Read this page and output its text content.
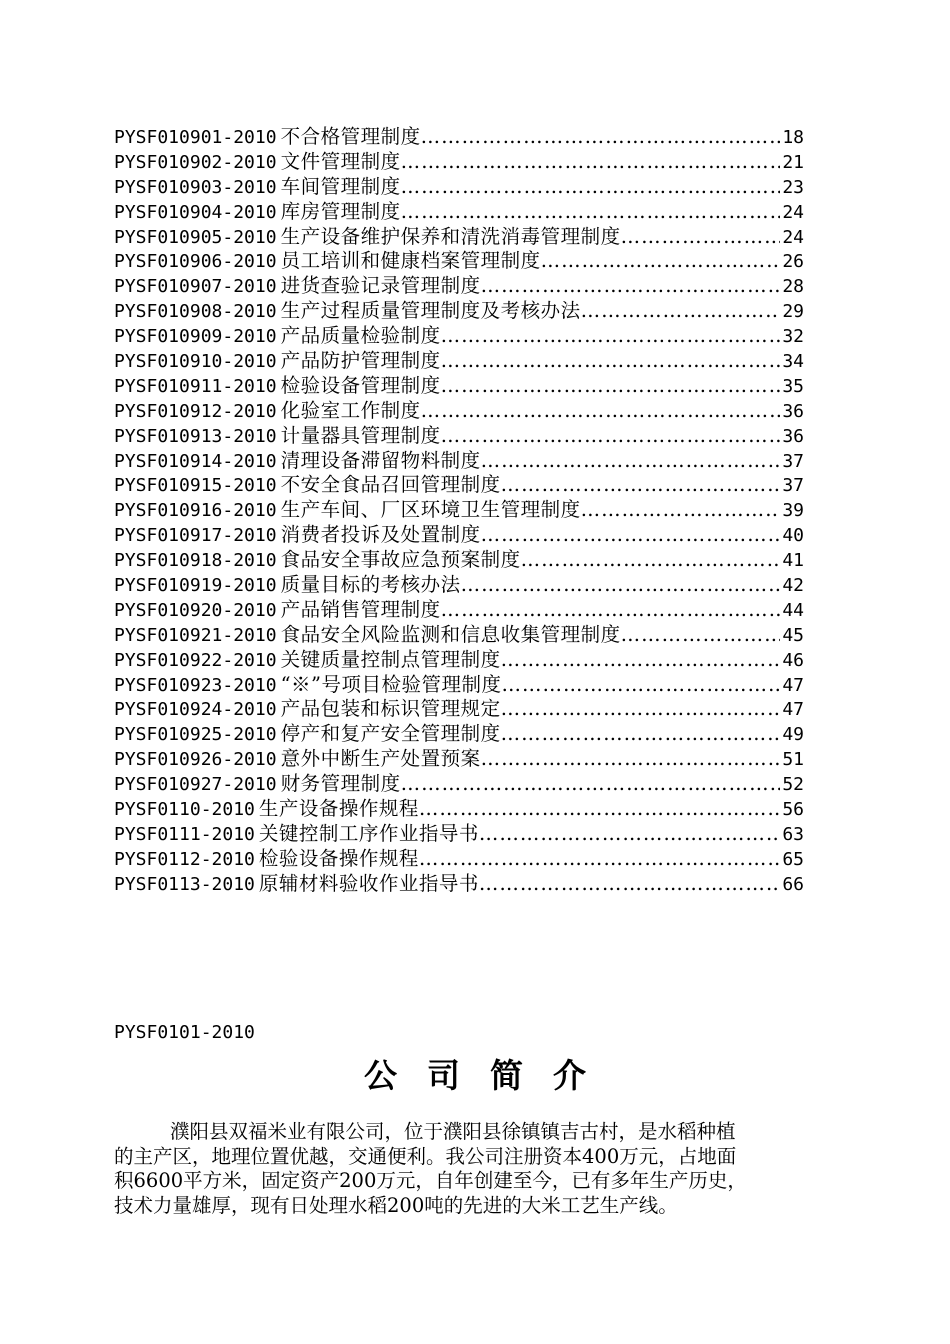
PYSF010901-2010 不合格管理制度 ……………………………………………………………………………………………………………………………………	18
PYSF010902-2010 文件管理制度 ……………………………………………………………………………………………………………………………………	21
PYSF010903-2010 车间管理制度 ……………………………………………………………………………………………………………………………………	23
PYSF010904-2010 库房管理制度 ……………………………………………………………………………………………………………………………………	24
PYSF010905-2010 生产设备维护保养和清洗消毒管理制度 ……………………………………………………………………………………………………………………………………	24
PYSF010906-2010 员工培训和健康档案管理制度 ……………………………………………………………………………………………………………………………………	26
PYSF010907-2010 进货查验记录管理制度 ……………………………………………………………………………………………………………………………………	28
PYSF010908-2010 生产过程质量管理制度及考核办法 ……………………………………………………………………………………………………………………………………	29
PYSF010909-2010 产品质量检验制度 ……………………………………………………………………………………………………………………………………	32
PYSF010910-2010 产品防护管理制度 ……………………………………………………………………………………………………………………………………	34
PYSF010911-2010 检验设备管理制度 ……………………………………………………………………………………………………………………………………	35
PYSF010912-2010 化验室工作制度 ……………………………………………………………………………………………………………………………………	36
PYSF010913-2010 计量器具管理制度 ……………………………………………………………………………………………………………………………………	36
PYSF010914-2010 清理设备滞留物料制度 ……………………………………………………………………………………………………………………………………	37
PYSF010915-2010 不安全食品召回管理制度 ……………………………………………………………………………………………………………………………………	37
PYSF010916-2010 生产车间、厂区环境卫生管理制度 ……………………………………………………………………………………………………………………………………	39
PYSF010917-2010 消费者投诉及处置制度 ……………………………………………………………………………………………………………………………………	40
PYSF010918-2010 食品安全事故应急预案制度 ……………………………………………………………………………………………………………………………………	41
PYSF010919-2010 质量目标的考核办法 ……………………………………………………………………………………………………………………………………	42
PYSF010920-2010 产品销售管理制度 ……………………………………………………………………………………………………………………………………	44
PYSF010921-2010 食品安全风险监测和信息收集管理制度 ……………………………………………………………………………………………………………………………………	45
PYSF010922-2010 关键质量控制点管理制度 ……………………………………………………………………………………………………………………………………	46
PYSF010923-2010 “※”号项目检验管理制度 ……………………………………………………………………………………………………………………………………	47
PYSF010924-2010 产品包装和标识管理规定 ……………………………………………………………………………………………………………………………………	47
PYSF010925-2010 停产和复产安全管理制度 ……………………………………………………………………………………………………………………………………	49
PYSF010926-2010 意外中断生产处置预案 ……………………………………………………………………………………………………………………………………	51
PYSF010927-2010 财务管理制度 ……………………………………………………………………………………………………………………………………	52
PYSF0110-2010 生产设备操作规程 ……………………………………………………………………………………………………………………………………	56
PYSF0111-2010 关键控制工序作业指导书 ……………………………………………………………………………………………………………………………………	63
PYSF0112-2010 检验设备操作规程 ……………………………………………………………………………………………………………………………………	65
PYSF0113-2010 原辅材料验收作业指导书 ……………………………………………………………………………………………………………………………………	66
PYSF0101-2010
公司简介
濮阳县双福米业有限公司，位于濮阳县徐镇镇吉古村，是水稻种植
的主产区，地理位置优越，交通便利。我公司注册资本400万元，占地面
积6600平方米，固定资产200万元，自年创建至今，已有多年生产历史，
技术力量雄厚，现有日处理水稻200吨的先进的大米工艺生产线。
